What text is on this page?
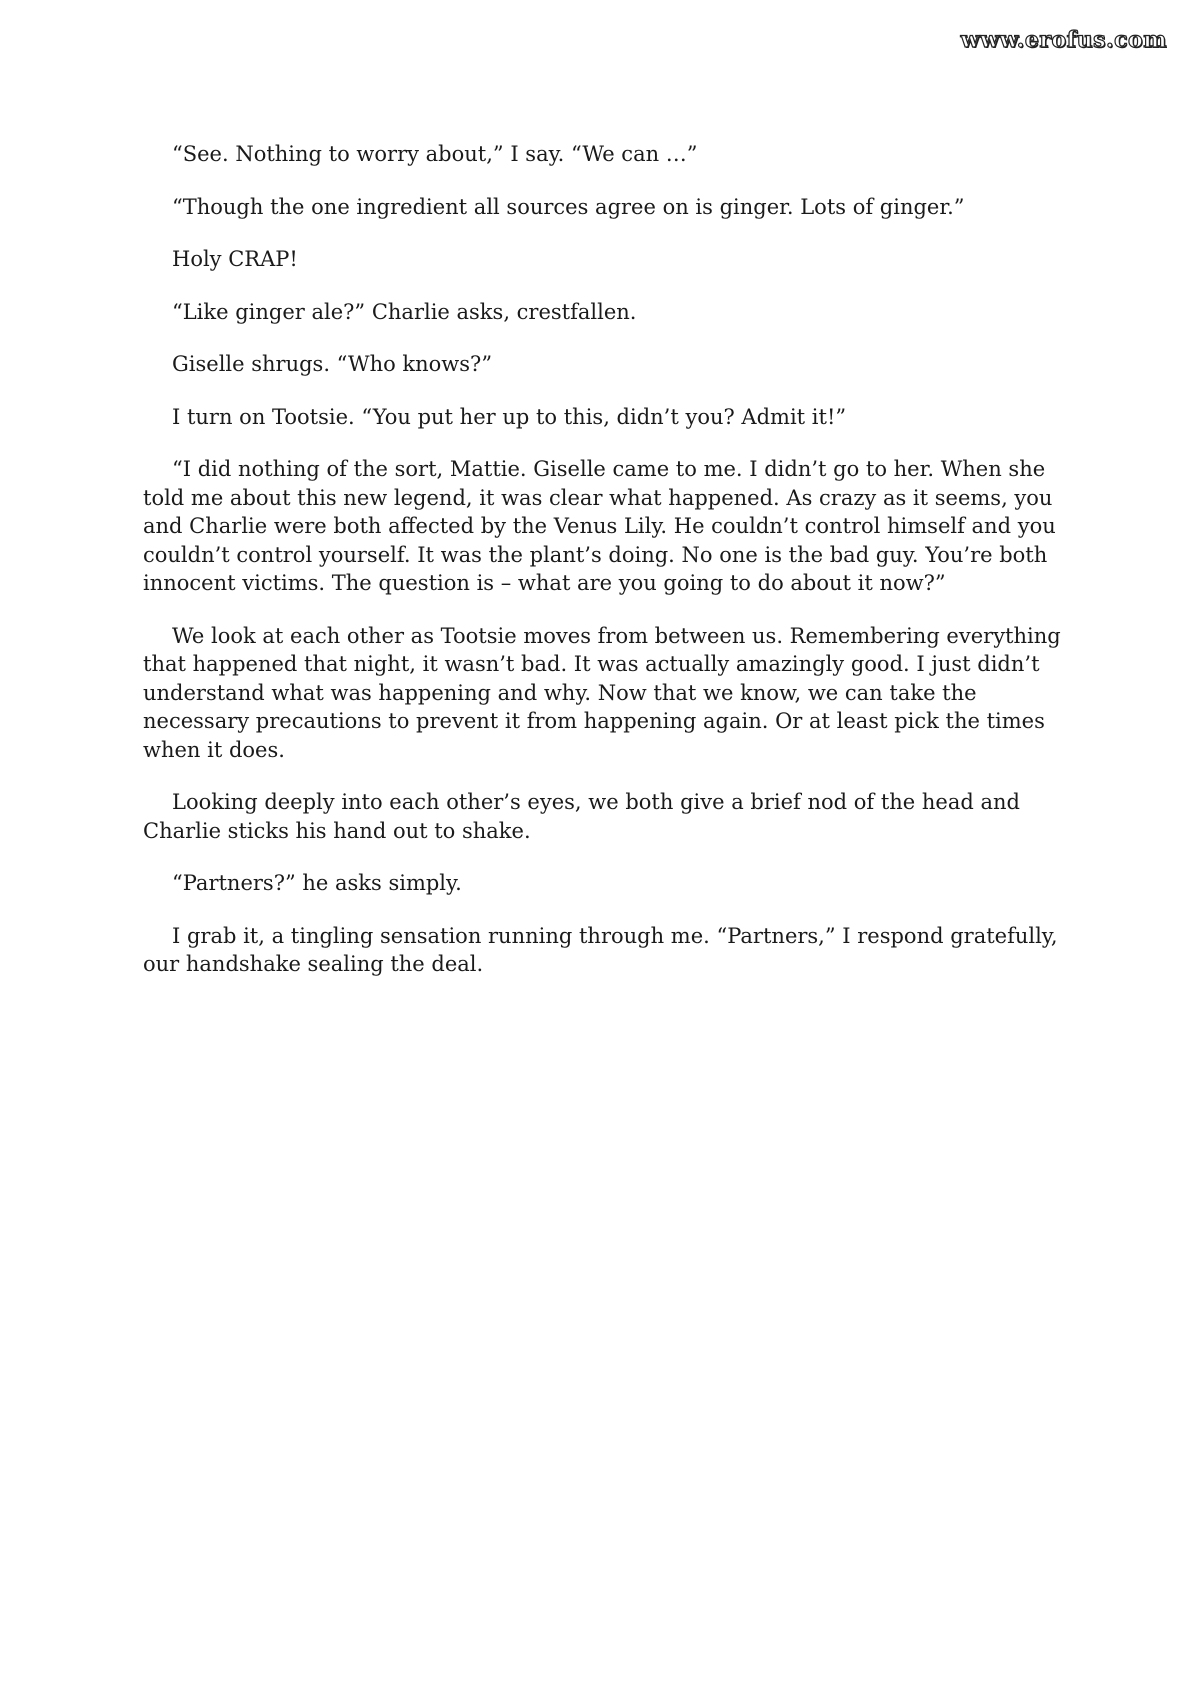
www.erofus.com

“See. Nothing to worry about,” I say. “We can …”

“Though the one ingredient all sources agree on is ginger. Lots of ginger.”

Holy CRAP!

“Like ginger ale?” Charlie asks, crestfallen.

Giselle shrugs. “Who knows?”

I turn on Tootsie. “You put her up to this, didn’t you? Admit it!”

“I did nothing of the sort, Mattie. Giselle came to me. I didn’t go to her. When she told me about this new legend, it was clear what happened. As crazy as it seems, you and Charlie were both affected by the Venus Lily. He couldn’t control himself and you couldn’t control yourself. It was the plant’s doing. No one is the bad guy. You’re both innocent victims. The question is – what are you going to do about it now?”

We look at each other as Tootsie moves from between us. Remembering everything that happened that night, it wasn’t bad. It was actually amazingly good. I just didn’t understand what was happening and why. Now that we know, we can take the necessary precautions to prevent it from happening again. Or at least pick the times when it does.

Looking deeply into each other’s eyes, we both give a brief nod of the head and Charlie sticks his hand out to shake.

“Partners?” he asks simply.

I grab it, a tingling sensation running through me. “Partners,” I respond gratefully, our handshake sealing the deal.
